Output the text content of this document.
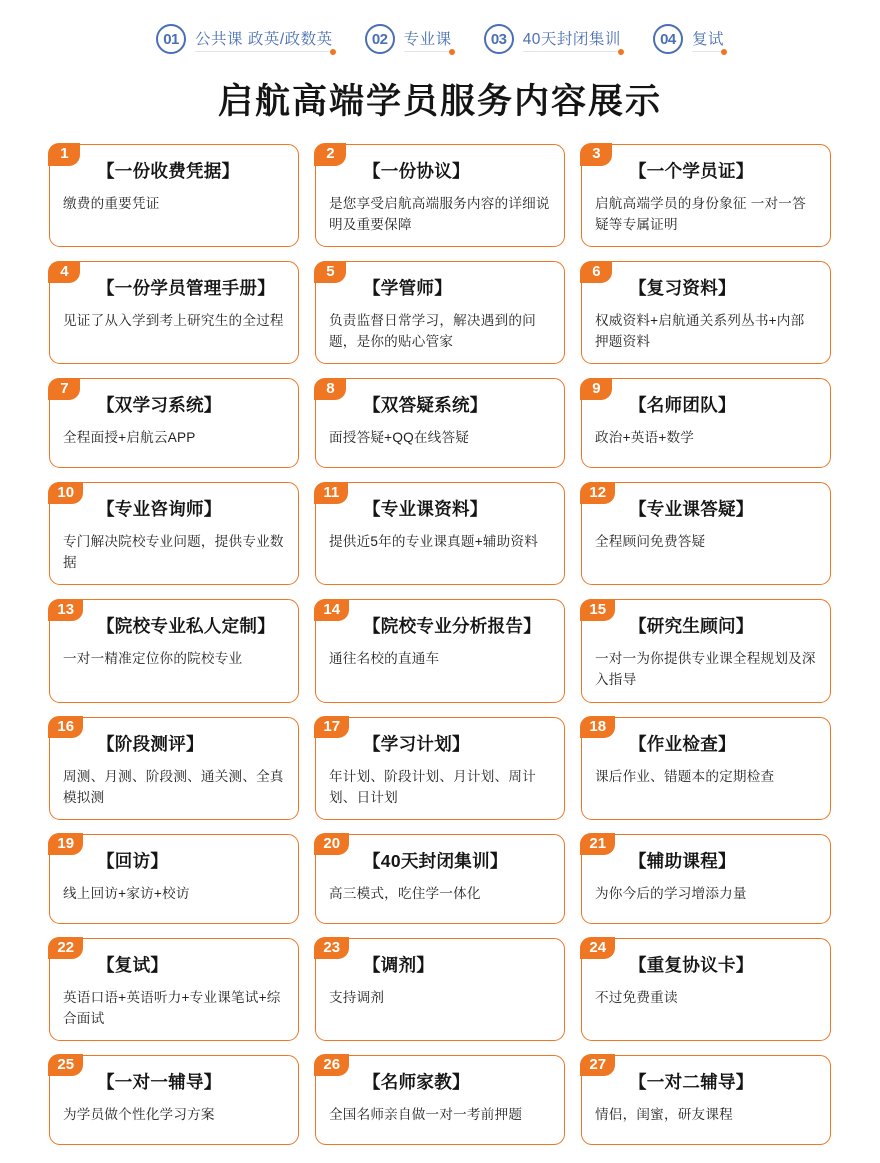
01	公共课 政英/政数英	02	专业课	03	40天封闭集训	04	复试
启航高端学员服务内容展示
1
【一份收费凭据】
缴费的重要凭证
2
【一份协议】
是您享受启航高端服务内容的详细说明及重要保障
3
【一个学员证】
启航高端学员的身份象征 一对一答疑等专属证明
4
【一份学员管理手册】
见证了从入学到考上研究生的全过程
5
【学管师】
负责监督日常学习，解决遇到的问题，是你的贴心管家
6
【复习资料】
权威资料+启航通关系列丛书+内部押题资料
7
【双学习系统】
全程面授+启航云APP
8
【双答疑系统】
面授答疑+QQ在线答疑
9
【名师团队】
政治+英语+数学
10
【专业咨询师】
专门解决院校专业问题，提供专业数据
11
【专业课资料】
提供近5年的专业课真题+辅助资料
12
【专业课答疑】
全程顾问免费答疑
13
【院校专业私人定制】
一对一精准定位你的院校专业
14
【院校专业分析报告】
通往名校的直通车
15
【研究生顾问】
一对一为你提供专业课全程规划及深入指导
16
【阶段测评】
周测、月测、阶段测、通关测、全真模拟测
17
【学习计划】
年计划、阶段计划、月计划、周计划、日计划
18
【作业检查】
课后作业、错题本的定期检查
19
【回访】
线上回访+家访+校访
20
【40天封闭集训】
高三模式，吃住学一体化
21
【辅助课程】
为你今后的学习增添力量
22
【复试】
英语口语+英语听力+专业课笔试+综合面试
23
【调剂】
支持调剂
24
【重复协议卡】
不过免费重读
25
【一对一辅导】
为学员做个性化学习方案
26
【名师家教】
全国名师亲自做一对一考前押题
27
【一对二辅导】
情侣，闺蜜，研友课程
